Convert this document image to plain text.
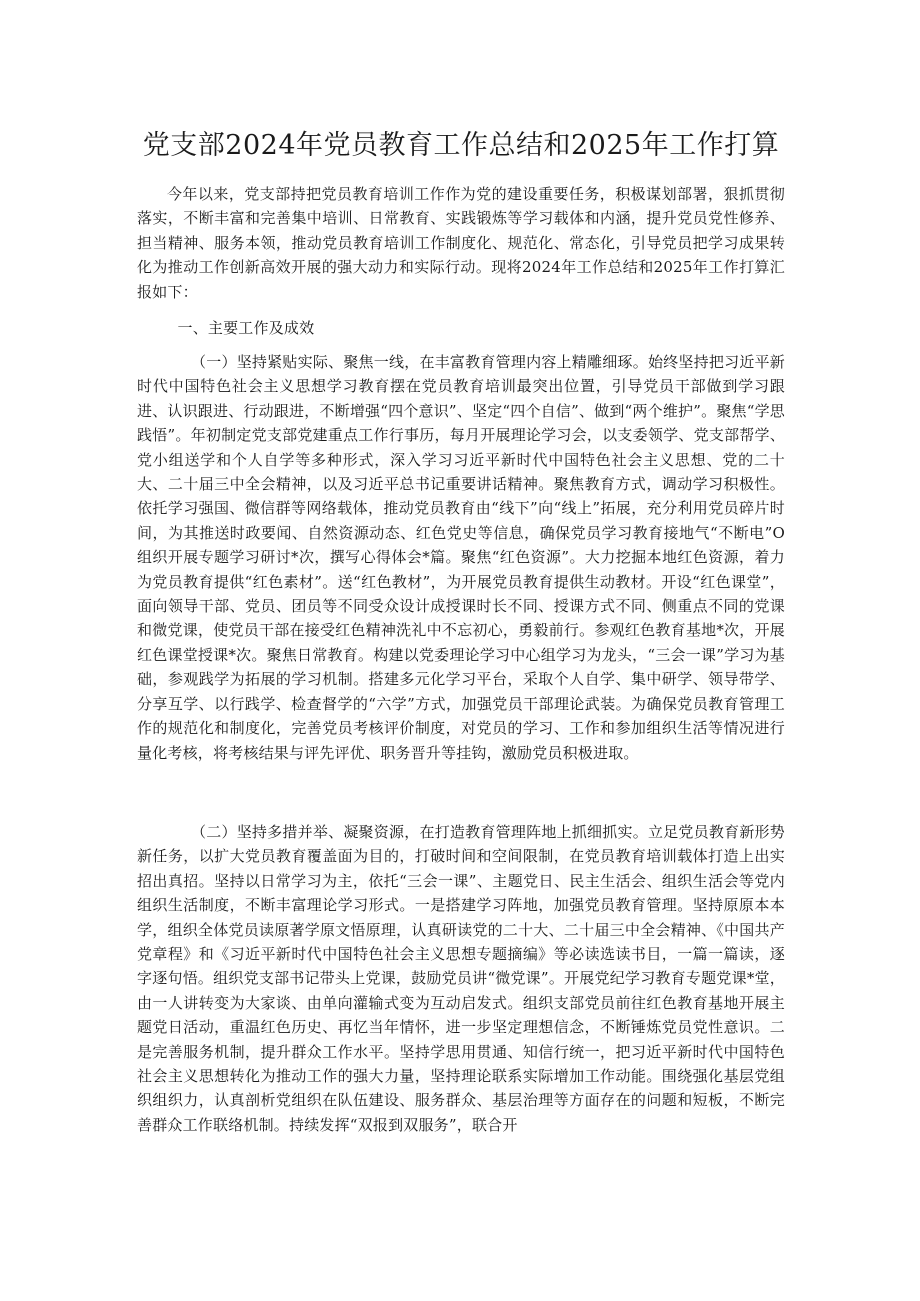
党支部2024年党员教育工作总结和2025年工作打算

今年以来，党支部持把党员教育培训工作作为党的建设重要任务，积极谋划部署，狠抓贯彻落实，不断丰富和完善集中培训、日常教育、实践锻炼等学习载体和内涵，提升党员党性修养、担当精神、服务本领，推动党员教育培训工作制度化、规范化、常态化，引导党员把学习成果转化为推动工作创新高效开展的强大动力和实际行动。现将2024年工作总结和2025年工作打算汇报如下：

一、主要工作及成效

（一）坚持紧贴实际、聚焦一线，在丰富教育管理内容上精雕细琢。始终坚持把习近平新时代中国特色社会主义思想学习教育摆在党员教育培训最突出位置，引导党员干部做到学习跟进、认识跟进、行动跟进，不断增强“四个意识”、坚定“四个自信”、做到“两个维护”。聚焦“学思践悟”。年初制定党支部党建重点工作行事历，每月开展理论学习会，以支委领学、党支部帮学、党小组送学和个人自学等多种形式，深入学习习近平新时代中国特色社会主义思想、党的二十大、二十届三中全会精神，以及习近平总书记重要讲话精神。聚焦教育方式，调动学习积极性。依托学习强国、微信群等网络载体，推动党员教育由“线下”向“线上”拓展，充分利用党员碎片时间，为其推送时政要闻、自然资源动态、红色党史等信息，确保党员学习教育接地气“不断电”O组织开展专题学习研讨*次，撰写心得体会*篇。聚焦“红色资源”。大力挖掘本地红色资源，着力为党员教育提供“红色素材”。送“红色教材”，为开展党员教育提供生动教材。开设“红色课堂”，面向领导干部、党员、团员等不同受众设计成授课时长不同、授课方式不同、侧重点不同的党课和微党课，使党员干部在接受红色精神洗礼中不忘初心，勇毅前行。参观红色教育基地*次，开展红色课堂授课*次。聚焦日常教育。构建以党委理论学习中心组学习为龙头，“三会一课”学习为基础，参观践学为拓展的学习机制。搭建多元化学习平台，采取个人自学、集中研学、领导带学、分享互学、以行践学、检查督学的“六学”方式，加强党员干部理论武装。为确保党员教育管理工作的规范化和制度化，完善党员考核评价制度，对党员的学习、工作和参加组织生活等情况进行量化考核，将考核结果与评先评优、职务晋升等挂钩，激励党员积极进取。

（二）坚持多措并举、凝聚资源，在打造教育管理阵地上抓细抓实。立足党员教育新形势新任务，以扩大党员教育覆盖面为目的，打破时间和空间限制，在党员教育培训载体打造上出实招出真招。坚持以日常学习为主，依托“三会一课”、主题党日、民主生活会、组织生活会等党内组织生活制度，不断丰富理论学习形式。一是搭建学习阵地，加强党员教育管理。坚持原原本本学，组织全体党员读原著学原文悟原理，认真研读党的二十大、二十届三中全会精神、《中国共产党章程》和《习近平新时代中国特色社会主义思想专题摘编》等必读选读书目，一篇一篇读，逐字逐句悟。组织党支部书记带头上党课，鼓励党员讲“微党课”。开展党纪学习教育专题党课*堂，由一人讲转变为大家谈、由单向灌输式变为互动启发式。组织支部党员前往红色教育基地开展主题党日活动，重温红色历史、再忆当年情怀，进一步坚定理想信念，不断锤炼党员党性意识。二是完善服务机制，提升群众工作水平。坚持学思用贯通、知信行统一，把习近平新时代中国特色社会主义思想转化为推动工作的强大力量，坚持理论联系实际增加工作动能。围绕强化基层党组织组织力，认真剖析党组织在队伍建设、服务群众、基层治理等方面存在的问题和短板，不断完善群众工作联络机制。持续发挥“双报到双服务”，联合开
